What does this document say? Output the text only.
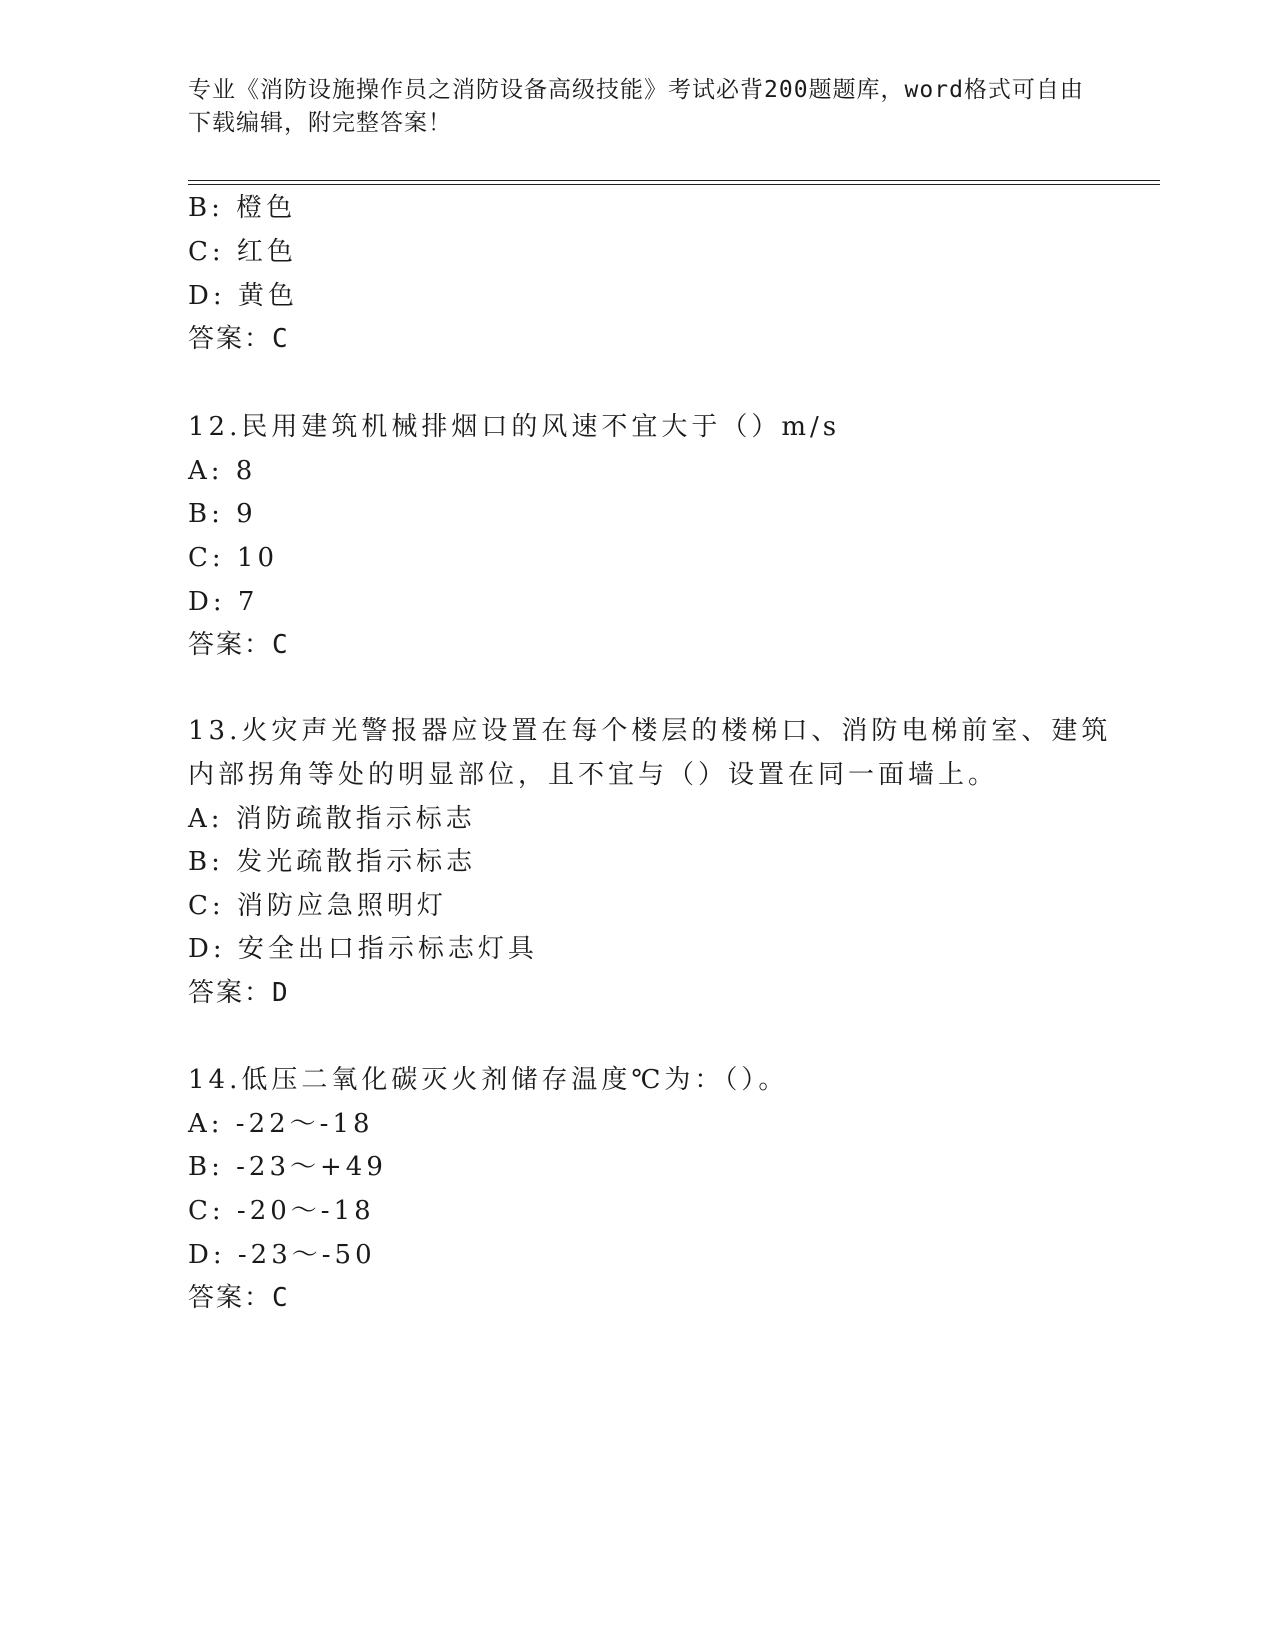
专业《消防设施操作员之消防设备高级技能》考试必背200题题库，word格式可自由下载编辑，附完整答案！
B: 橙色
C: 红色
D: 黄色
答案：C
12.民用建筑机械排烟口的风速不宜大于（）m/s
A: 8
B: 9
C: 10
D: 7
答案：C
13.火灾声光警报器应设置在每个楼层的楼梯口、消防电梯前室、建筑
内部拐角等处的明显部位，且不宜与（）设置在同一面墙上。
A: 消防疏散指示标志
B: 发光疏散指示标志
C: 消防应急照明灯
D: 安全出口指示标志灯具
答案：D
14.低压二氧化碳灭火剂储存温度℃为：（）。
A: -22～-18
B: -23～+49
C: -20～-18
D: -23～-50
答案：C
